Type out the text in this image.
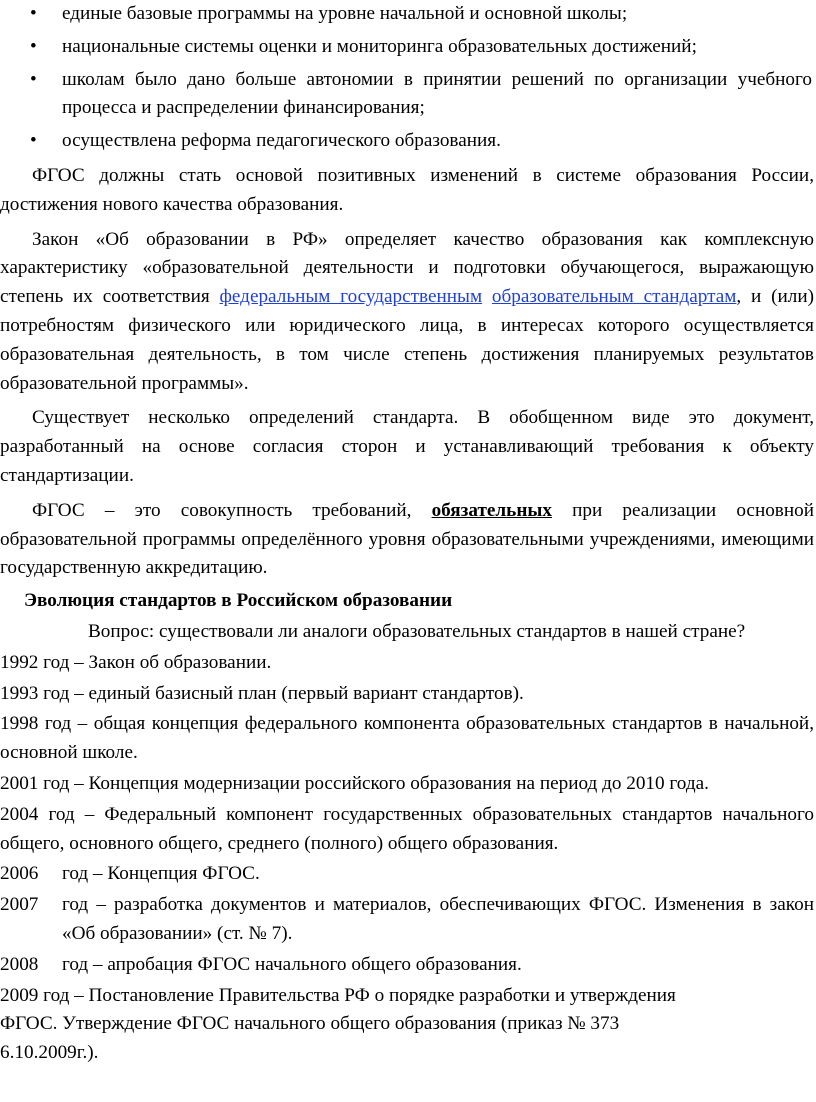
• единые базовые программы на уровне начальной и основной школы;

• национальные системы оценки и мониторинга образовательных достижений;

• школам было дано больше автономии в принятии решений по организации учебного процесса и распределении финансирования;

• осуществлена реформа педагогического образования.

ФГОС должны стать основой позитивных изменений в системе образования России, достижения нового качества образования.

Закон «Об образовании в РФ» определяет качество образования как комплексную характеристику «образовательной деятельности и подготовки обучающегося, выражающую степень их соответствия федеральным государственным образовательным стандартам, и (или) потребностям физического или юридического лица, в интересах которого осуществляется образовательная деятельность, в том числе степень достижения планируемых результатов образовательной программы».

Существует несколько определений стандарта. В обобщенном виде это документ, разработанный на основе согласия сторон и устанавливающий требования к объекту стандартизации.

ФГОС – это совокупность требований, обязательных при реализации основной образовательной программы определённого уровня образовательными учреждениями, имеющими государственную аккредитацию.

Эволюция стандартов в Российском образовании

Вопрос: существовали ли аналоги образовательных стандартов в нашей стране?

1992 год – Закон об образовании.

1993 год – единый базисный план (первый вариант стандартов).

1998 год – общая концепция федерального компонента образовательных стандартов в начальной, основной школе.

2001 год – Концепция модернизации российского образования на период до 2010 года.

2004 год – Федеральный компонент государственных образовательных стандартов начального общего, основного общего, среднего (полного) общего образования.

2006 год – Концепция ФГОС.

2007 год – разработка документов и материалов, обеспечивающих ФГОС. Изменения в закон «Об образовании» (ст. № 7).

2008 год – апробация ФГОС начального общего образования.

2009 год – Постановление Правительства РФ о порядке разработки и утверждения
ФГОС. Утверждение ФГОС начального общего образования (приказ № 373
6.10.2009г.).
